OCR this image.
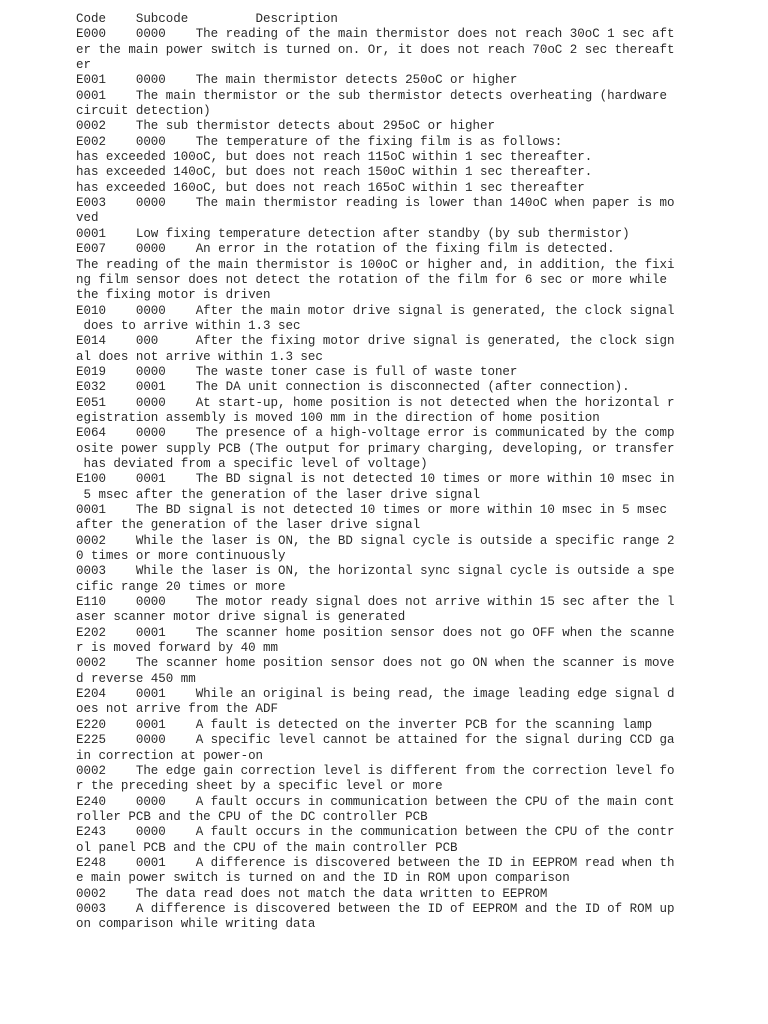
Code    Subcode         Description
E000    0000    The reading of the main thermistor does not reach 30oC 1 sec aft
er the main power switch is turned on. Or, it does not reach 70oC 2 sec thereaft
er
E001    0000    The main thermistor detects 250oC or higher
0001    The main thermistor or the sub thermistor detects overheating (hardware
circuit detection)
0002    The sub thermistor detects about 295oC or higher
E002    0000    The temperature of the fixing film is as follows:
has exceeded 100oC, but does not reach 115oC within 1 sec thereafter.
has exceeded 140oC, but does not reach 150oC within 1 sec thereafter.
has exceeded 160oC, but does not reach 165oC within 1 sec thereafter
E003    0000    The main thermistor reading is lower than 140oC when paper is mo
ved
0001    Low fixing temperature detection after standby (by sub thermistor)
E007    0000    An error in the rotation of the fixing film is detected.
The reading of the main thermistor is 100oC or higher and, in addition, the fixi
ng film sensor does not detect the rotation of the film for 6 sec or more while
the fixing motor is driven
E010    0000    After the main motor drive signal is generated, the clock signal
does to arrive within 1.3 sec
E014    000     After the fixing motor drive signal is generated, the clock sign
al does not arrive within 1.3 sec
E019    0000    The waste toner case is full of waste toner
E032    0001    The DA unit connection is disconnected (after connection).
E051    0000    At start-up, home position is not detected when the horizontal r
egistration assembly is moved 100 mm in the direction of home position
E064    0000    The presence of a high-voltage error is communicated by the comp
osite power supply PCB (The output for primary charging, developing, or transfer
has deviated from a specific level of voltage)
E100    0001    The BD signal is not detected 10 times or more within 10 msec in
5 msec after the generation of the laser drive signal
0001    The BD signal is not detected 10 times or more within 10 msec in 5 msec
after the generation of the laser drive signal
0002    While the laser is ON, the BD signal cycle is outside a specific range 2
0 times or more continuously
0003    While the laser is ON, the horizontal sync signal cycle is outside a spe
cific range 20 times or more
E110    0000    The motor ready signal does not arrive within 15 sec after the l
aser scanner motor drive signal is generated
E202    0001    The scanner home position sensor does not go OFF when the scanne
r is moved forward by 40 mm
0002    The scanner home position sensor does not go ON when the scanner is move
d reverse 450 mm
E204    0001    While an original is being read, the image leading edge signal d
oes not arrive from the ADF
E220    0001    A fault is detected on the inverter PCB for the scanning lamp
E225    0000    A specific level cannot be attained for the signal during CCD ga
in correction at power-on
0002    The edge gain correction level is different from the correction level fo
r the preceding sheet by a specific level or more
E240    0000    A fault occurs in communication between the CPU of the main cont
roller PCB and the CPU of the DC controller PCB
E243    0000    A fault occurs in the communication between the CPU of the contr
ol panel PCB and the CPU of the main controller PCB
E248    0001    A difference is discovered between the ID in EEPROM read when th
e main power switch is turned on and the ID in ROM upon comparison
0002    The data read does not match the data written to EEPROM
0003    A difference is discovered between the ID of EEPROM and the ID of ROM up
on comparison while writing data
